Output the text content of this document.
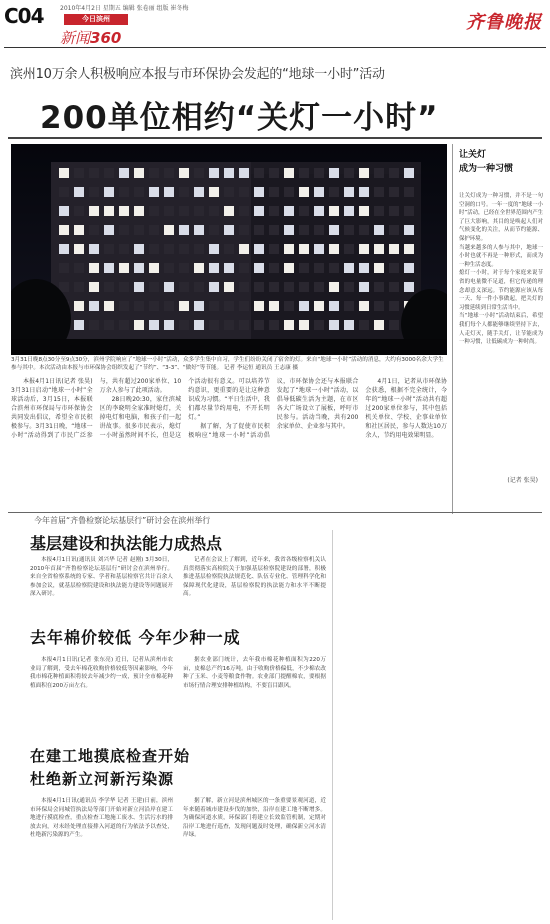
C04	2010年4月2日 星期五 编辑 张卷丽 组版 崔冬梅
今日滨州
新闻360
齐鲁晚报
滨州10万余人积极响应本报与市环保协会发起的“地球一小时”活动
200单位相约“关灯一小时”
3月31日晚8点30分至9点30分，滨州学院响应了“地球一小时”活动，众多学生集中自习，学生们纷纷关闭了宿舍的灯。来自“地球一小时”活动的消息，大约有3000名余大学生参与其中。本次活动由本报与市环保协会组织发起了“节约”、“3-3”、“做好”等节能。 记者 李运恒 通讯员 王志康 摄

本报4月1日讯(记者 张昊) 3月31日启动“地球一小时”全球活动后，3月15日，本报联合滨州市环保局与市环保协会共同发出倡议，希望全市民积极参与。3月31日晚，“地球一小时”活动得到了市民广泛参与，共有超过200家单位、10万余人参与了此项活动。

28日晚20:30，家住滨城区的李晓明全家准时熄灯，关掉电灯和电脑，和孩子们一起讲故事。很多市民表示，熄灯一小时虽然时间不长，但是这个活动很有意义。可以培养节约意识，更重要的是让这种意识成为习惯。“平日生活中，我们都尽量节约用电，不开长明灯。”

据了解，为了促使市民积极响应“地球一小时”活动倡议，市环保协会还与本报联合发起了“地球一小时”活动，以倡导低碳生活为主题，在市区各大广场设立了展板，呼吁市民参与。活动当晚，共有200余家单位、企业参与其中。

4月1日，记者从市环保协会获悉，根据不完全统计，今年的“地球一小时”活动共有超过200家单位参与，其中包括机关单位、学校、企事业单位和社区居民，参与人数达10万余人，节约用电效果明显。

让关灯
成为一种习惯
让关灯成为一种习惯，并不是一句空洞的口号。一年一度的“地球一小时”活动，已经在全世界范围内产生了巨大影响，其目的是唤起人们对气候变化的关注，从而节约能源、保护环境。
当越来越多的人参与其中，地球一小时也就不再是一种形式，而成为一种生活态度。
熄灯一小时，对于每个家庭来说节省的电量微不足道，但它传递的理念却意义深远。节约能源应该从每一天、每一件小事做起，把关灯的习惯延续到日常生活当中。
当“地球一小时”活动结束后，希望我们每个人都能够继续坚持下去，人走灯灭，随手关灯，让节能成为一种习惯，让低碳成为一种时尚。
(记者 张昊)
今年首届“齐鲁检察论坛基层行”研讨会在滨州举行
基层建设和执法能力成热点

本报4月1日讯(通讯员 刘兴华 记者 赵刚) 3月30日，2010年首届“齐鲁检察论坛基层行”研讨会在滨州举行。来自全省检察系统的专家、学者和基层检察官共计百余人参加会议，就基层检察院建设和执法能力建设等问题展开深入研讨。

记者在会议上了解到，近年来，我省各级检察机关认真贯彻落实高检院关于加强基层检察院建设的部署，积极推进基层检察院执法规范化、队伍专业化、管理科学化和保障现代化建设，基层检察院的执法能力和水平不断提高。

去年棉价较低 今年少种一成

本报4月1日讯(记者 张东亮) 近日，记者从滨州市农业局了解到，受去年棉花收购价格较低等因素影响，今年我市棉花种植面积将较去年减少约一成，预计全市棉花种植面积在200万亩左右。

据农业部门统计，去年我市棉花种植面积为220万亩，皮棉总产约16万吨。由于收购价格偏低，不少棉农改种了玉米、小麦等粮食作物。农业部门提醒棉农，要根据市场行情合理安排种植结构，不要盲目跟风。

在建工地摸底检查开始
杜绝新立河新污染源

本报4月1日讯(通讯员 李学华 记者 王建)日前，滨州市环保局会同城管执法局等部门开始对新立河沿岸在建工地进行摸底检查，重点检查工地施工废水、生活污水的排放去向，对未经处理直接排入河道的行为依法予以查处，杜绝新污染源的产生。

据了解，新立河是滨州城区的一条重要景观河道，近年来随着城市建设步伐的加快，沿岸在建工地不断增多。为确保河道水质，环保部门将建立长效监管机制，定期对沿岸工地进行巡查，发现问题及时处理，确保新立河水清岸绿。
